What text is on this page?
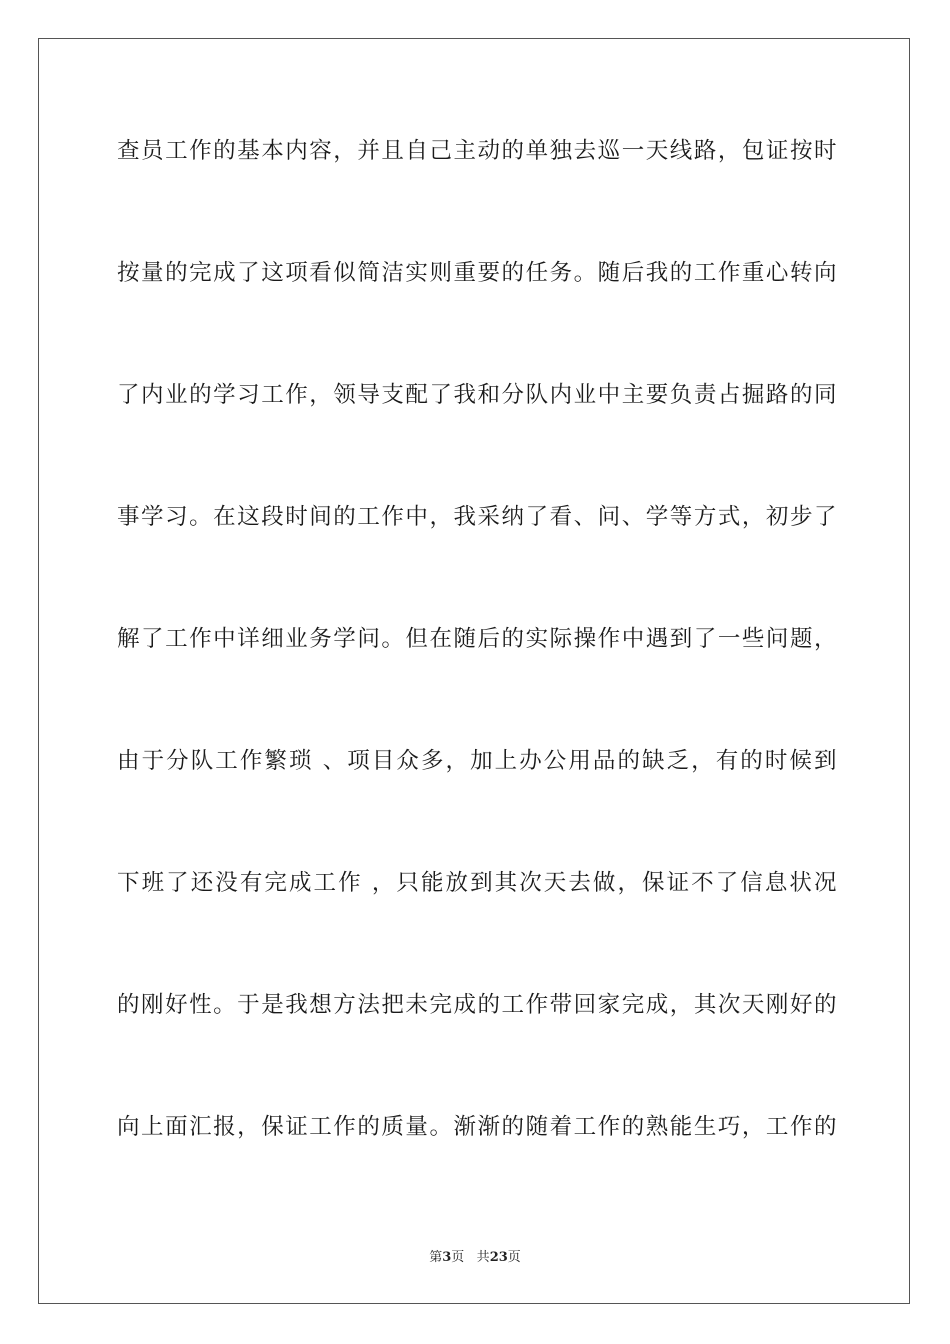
查员工作的基本内容，并且自己主动的单独去巡一天线路，包证按时
按量的完成了这项看似简洁实则重要的任务。随后我的工作重心转向
了内业的学习工作，领导支配了我和分队内业中主要负责占掘路的同
事学习。在这段时间的工作中，我采纳了看、问、学等方式，初步了
解了工作中详细业务学问。但在随后的实际操作中遇到了一些问题，
由于分队工作繁琐 、项目众多，加上办公用品的缺乏，有的时候到
下班了还没有完成工作 ，只能放到其次天去做，保证不了信息状况
的刚好性。于是我想方法把未完成的工作带回家完成，其次天刚好的
向上面汇报，保证工作的质量。渐渐的随着工作的熟能生巧，工作的
第3页 共23页
